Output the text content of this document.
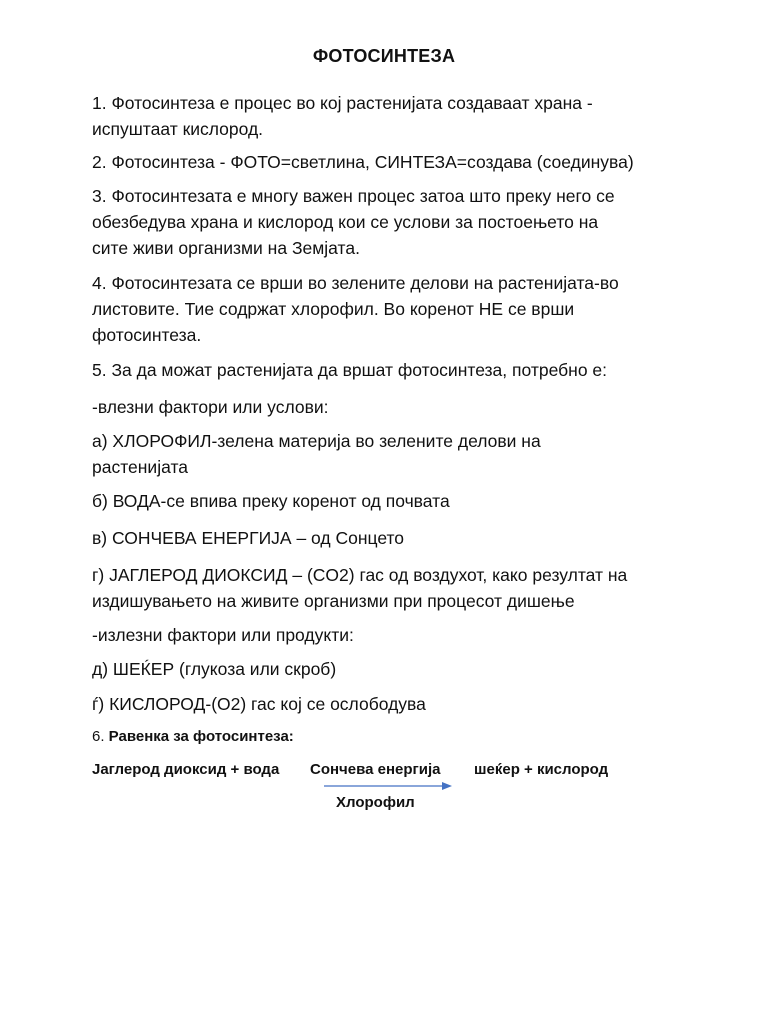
ФОТОСИНТЕЗА
1. Фотосинтеза е процес во кој растенијата создаваат храна -
испуштаат кислород.
2. Фотосинтеза - ФОТО=светлина, СИНТЕЗА=создава (соединува)
3. Фотосинтезата е многу важен процес затоа што преку него се
обезбедува храна и кислород кои се услови за постоењето на
сите живи организми на Земјата.
4. Фотосинтезата се врши во зелените делови на растенијата-во
листовите. Тие содржат хлорофил. Во коренот НЕ се врши
фотосинтеза.
5. За да можат растенијата да вршат фотосинтеза, потребно е:
-влезни фактори или услови:
а) ХЛОРОФИЛ-зелена материја во зелените делови на
растенијата
б) ВОДА-се впива преку коренот од почвата
в) СОНЧЕВА ЕНЕРГИЈА – од Сонцето
г) ЈАГЛЕРОД ДИОКСИД – (CO2) гас од воздухот, како резултат на
издишувањето на живите организми при процесот дишење
-излезни фактори или продукти:
д) ШЕЌЕР (глукоза или скроб)
ѓ) КИСЛОРОД-(О2) гас кој се ослободува
6. Равенка за фотосинтеза:
Јаглерод диоксид + вода Сончева енергија шеќер + кислород
Хлорофил
